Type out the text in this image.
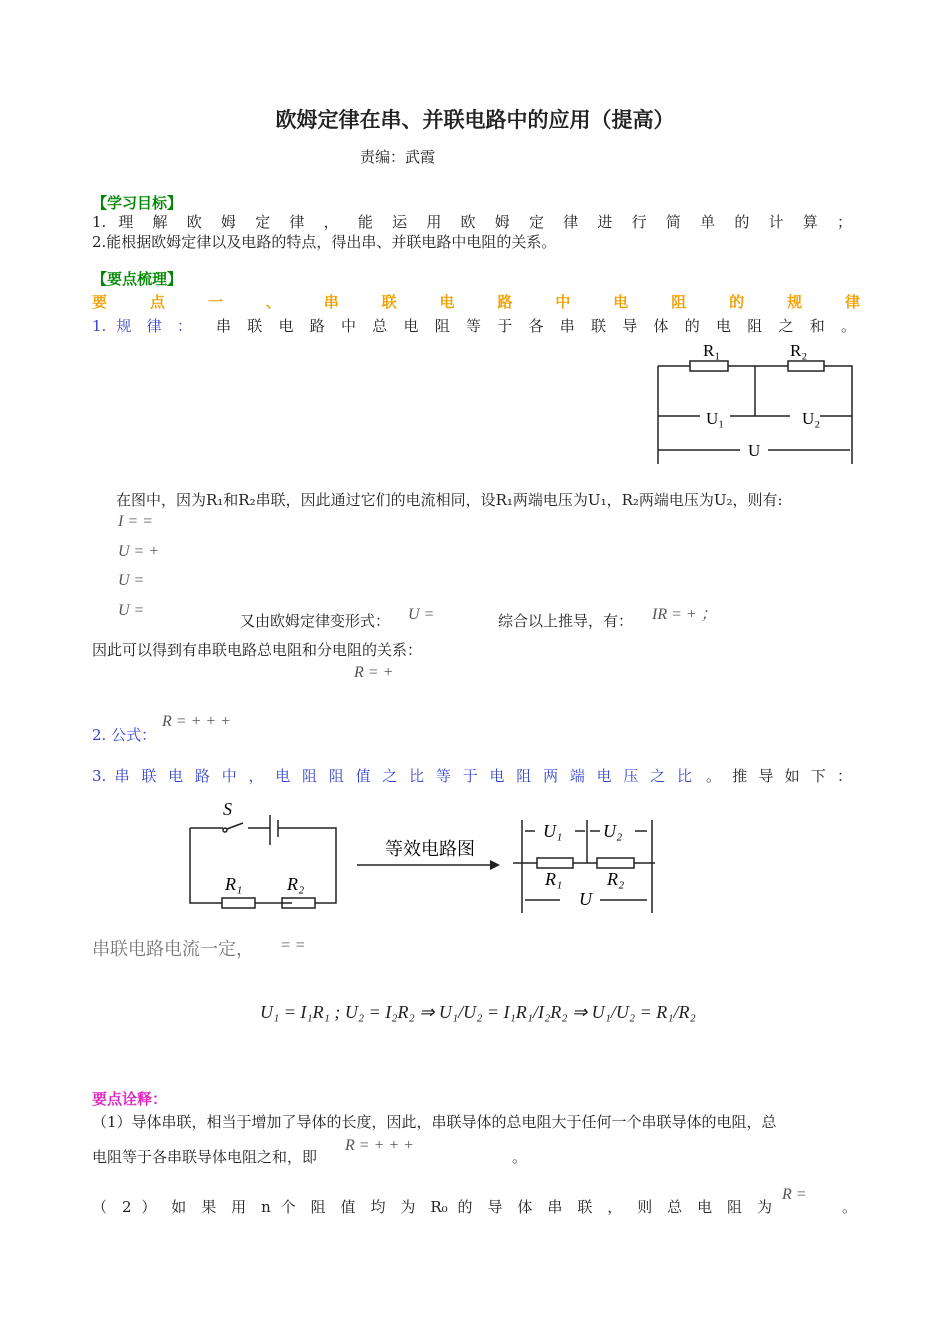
欧姆定律在串、并联电路中的应用（提高）
责编：武霞
【学习目标】
1. 理 解 欧 姆 定 律 ， 能 运 用 欧 姆 定 律 进 行 简 单 的 计 算 ；
2.能根据欧姆定律以及电路的特点，得出串、并联电路中电阻的关系。
【要点梳理】
要 点 一 、 串 联 电 路 中 电 阻 的 规 律
1. 规 律 ： 串 联 电 路 中 总 电 阻 等 于 各 串 联 导 体 的 电 阻 之 和 。
R₁	R₂
U₁	U₂
U
在图中，因为R₁和R₂串联，因此通过它们的电流相同，设R₁两端电压为U₁，R₂两端电压为U₂，则有:
I = =
U = +
U =
U =
又由欧姆定律变形式： U =	综合以上推导，有： IR = + ；
因此可以得到有串联电路总电阻和分电阻的关系：
R = +
2. 公式：
R = + + +
3. 串 联 电 路 中 ， 电 阻 阻 值 之 比 等 于 电 阻 两 端 电 压 之 比 。 推 导 如 下 ：
S
R₁ R₂
等效电路图
U₁ U₂
R₁ R₂
U
串联电路电流一定， = =
U₁ = I₁R₁ ; U₂ = I₂R₂ ⇒ U₁/U₂ = I₁R₁/I₂R₂ ⇒ U₁/U₂ = R₁/R₂
要点诠释：
（1）导体串联，相当于增加了导体的长度，因此，串联导体的总电阻大于任何一个串联导体的电阻，总
电阻等于各串联导体电阻之和，即
R = + + +
。
（ 2 ） 如 果 用 n 个 阻 值 均 为 R₀ 的 导 体 串 联 ， 则 总 电 阻 为
R =
。
